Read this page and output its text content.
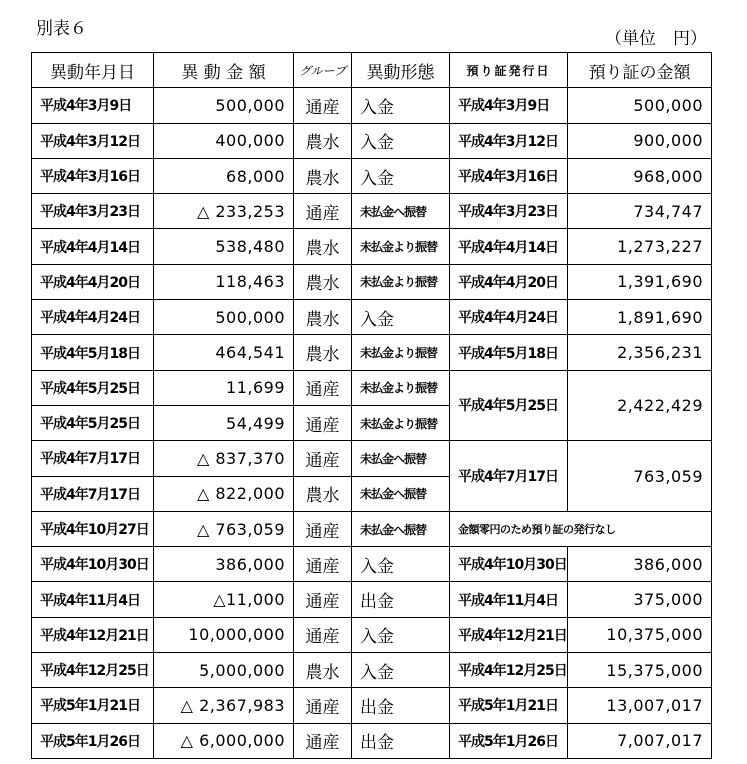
別表６	（単位　円）
異動年月日	異 動 金 額	グループ	異動形態	預り証発行日	預り証の金額
平成4年3月9日	500,000	通産	入金	平成4年3月9日	500,000
平成4年3月12日	400,000	農水	入金	平成4年3月12日	900,000
平成4年3月16日	68,000	農水	入金	平成4年3月16日	968,000
平成4年3月23日	△ 233,253	通産	未払金へ振替	平成4年3月23日	734,747
平成4年4月14日	538,480	農水	未払金より振替	平成4年4月14日	1,273,227
平成4年4月20日	118,463	農水	未払金より振替	平成4年4月20日	1,391,690
平成4年4月24日	500,000	農水	入金	平成4年4月24日	1,891,690
平成4年5月18日	464,541	農水	未払金より振替	平成4年5月18日	2,356,231
平成4年5月25日	11,699	通産	未払金より振替	平成4年5月25日	2,422,429
平成4年5月25日	54,499	通産	未払金より振替		
平成4年7月17日	△ 837,370	通産	未払金へ振替	平成4年7月17日	763,059
平成4年7月17日	△ 822,000	農水	未払金へ振替		
平成4年10月27日	△ 763,059	通産	未払金へ振替	金額零円のため預り証の発行なし	
平成4年10月30日	386,000	通産	入金	平成4年10月30日	386,000
平成4年11月4日	△11,000	通産	出金	平成4年11月4日	375,000
平成4年12月21日	10,000,000	通産	入金	平成4年12月21日	10,375,000
平成4年12月25日	5,000,000	農水	入金	平成4年12月25日	15,375,000
平成5年1月21日	△ 2,367,983	通産	出金	平成5年1月21日	13,007,017
平成5年1月26日	△ 6,000,000	通産	出金	平成5年1月26日	7,007,017
